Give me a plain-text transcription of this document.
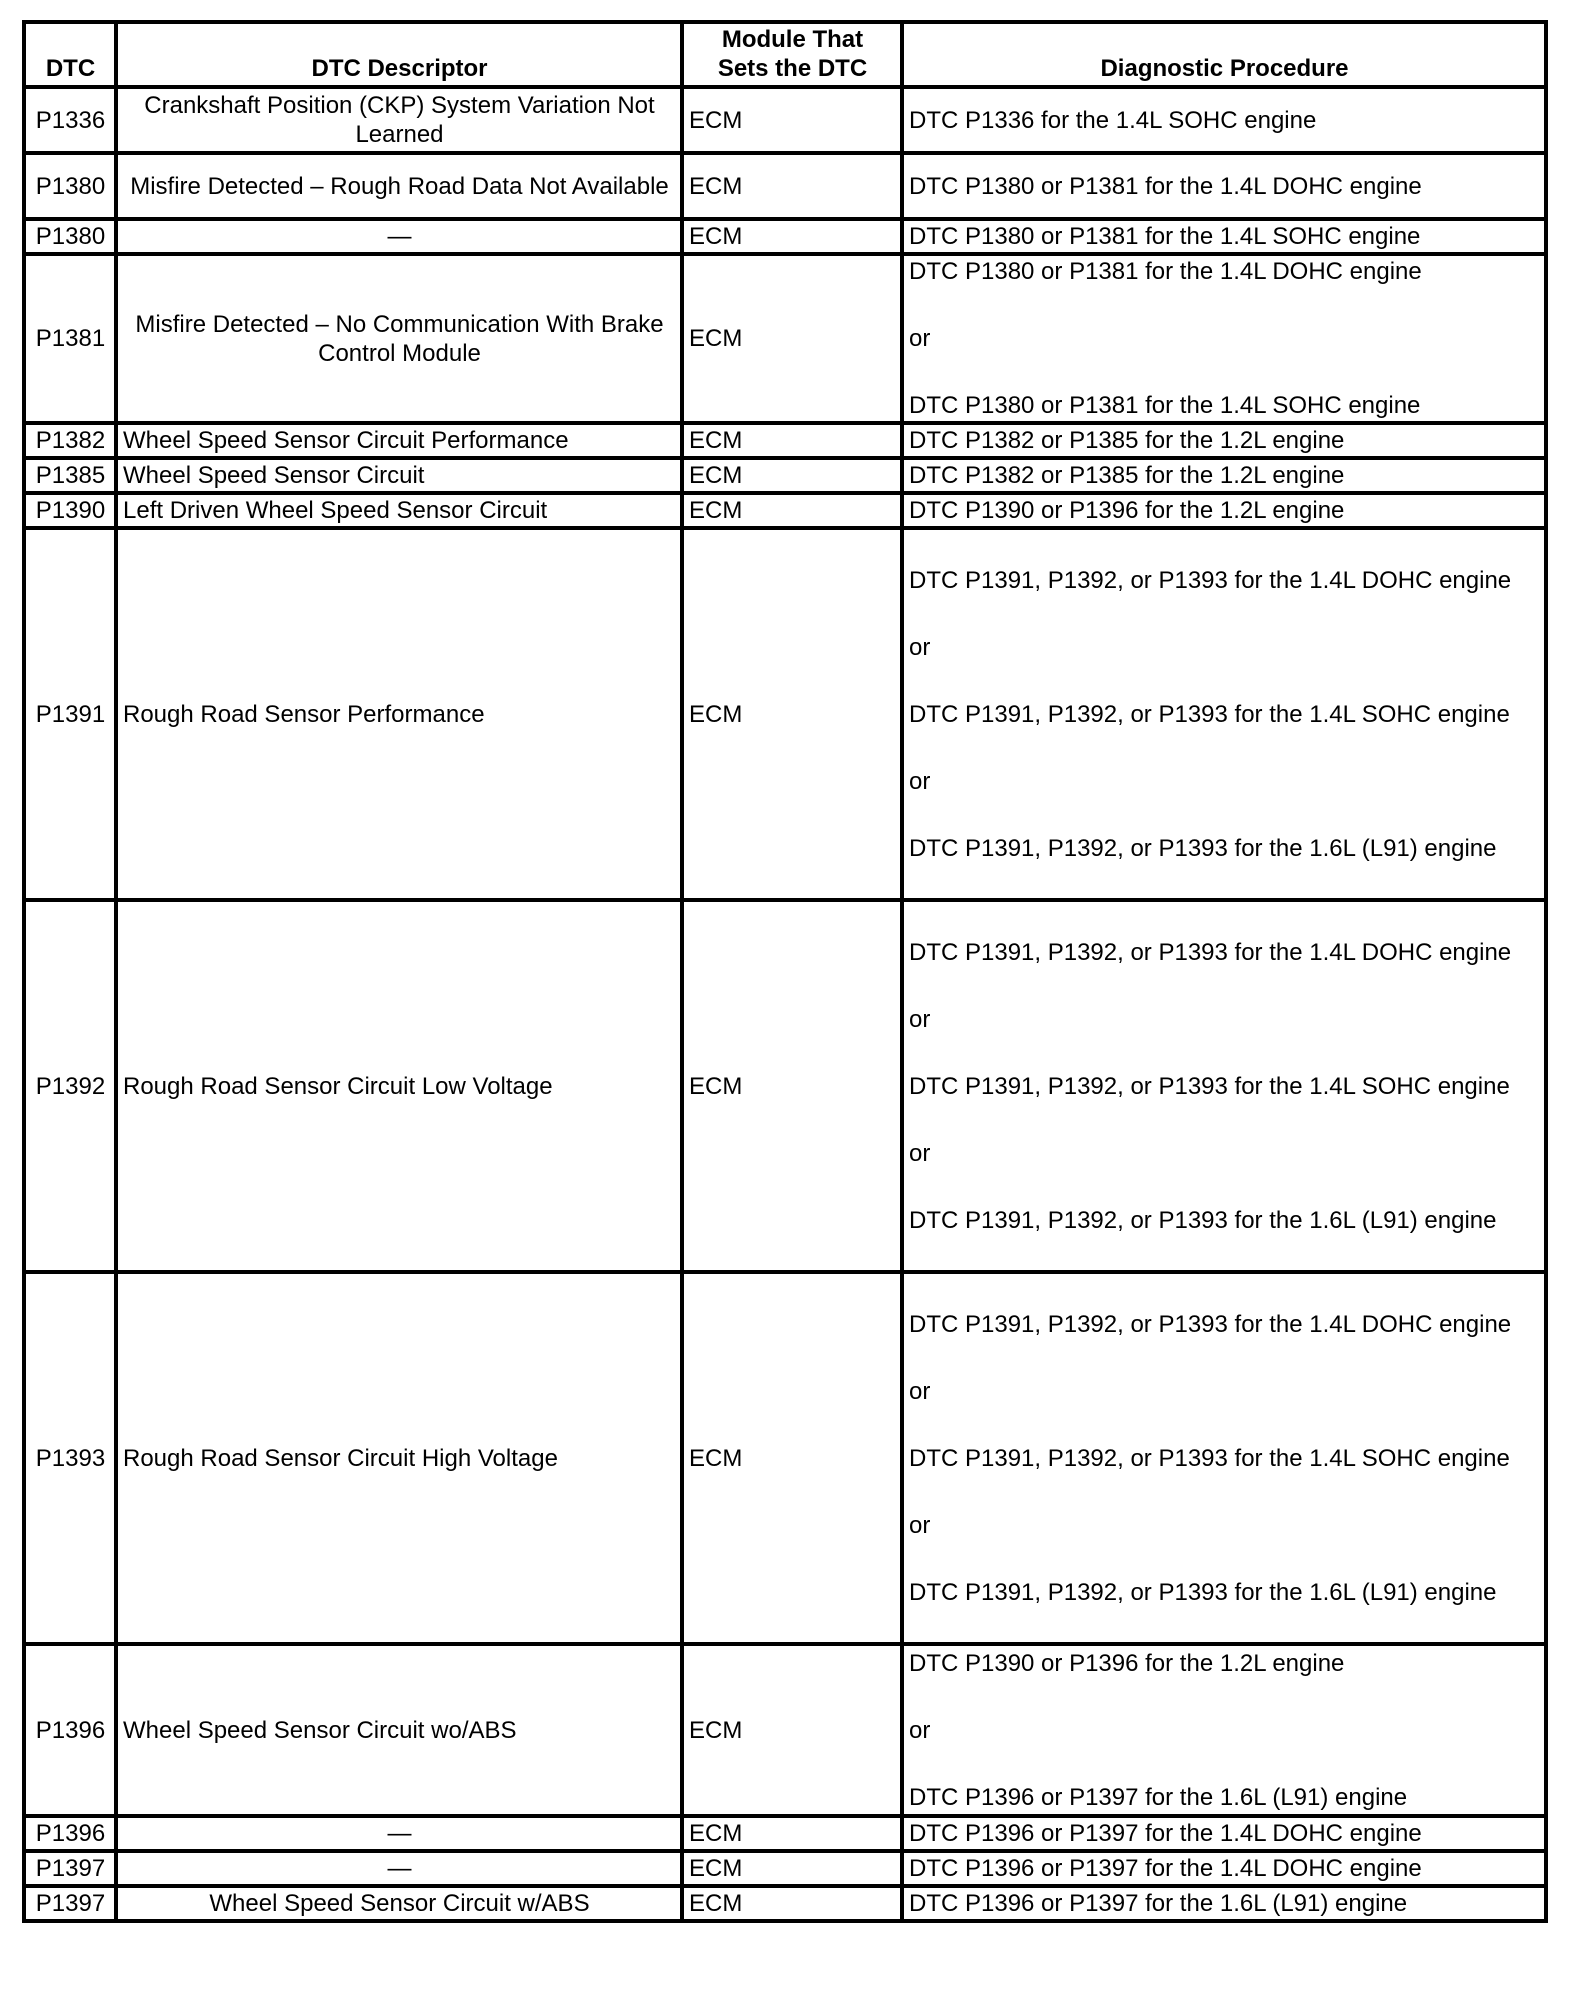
DTC	DTC Descriptor	Module That
Sets the DTC	Diagnostic Procedure
P1336	Crankshaft Position (CKP) System Variation Not Learned	ECM	DTC P1336 for the 1.4L SOHC engine

P1380	Misfire Detected – Rough Road Data Not Available	ECM	DTC P1380 or P1381 for the 1.4L DOHC engine

P1380	—	ECM	DTC P1380 or P1381 for the 1.4L SOHC engine

P1381	Misfire Detected – No Communication With Brake Control Module	ECM	DTC P1380 or P1381 for the 1.4L DOHC engine
or
DTC P1380 or P1381 for the 1.4L SOHC engine

P1382	Wheel Speed Sensor Circuit Performance	ECM	DTC P1382 or P1385 for the 1.2L engine

P1385	Wheel Speed Sensor Circuit	ECM	DTC P1382 or P1385 for the 1.2L engine

P1390	Left Driven Wheel Speed Sensor Circuit	ECM	DTC P1390 or P1396 for the 1.2L engine

P1391	Rough Road Sensor Performance	ECM	DTC P1391, P1392, or P1393 for the 1.4L DOHC engine
or
DTC P1391, P1392, or P1393 for the 1.4L SOHC engine
or
DTC P1391, P1392, or P1393 for the 1.6L (L91) engine

P1392	Rough Road Sensor Circuit Low Voltage	ECM	DTC P1391, P1392, or P1393 for the 1.4L DOHC engine
or
DTC P1391, P1392, or P1393 for the 1.4L SOHC engine
or
DTC P1391, P1392, or P1393 for the 1.6L (L91) engine

P1393	Rough Road Sensor Circuit High Voltage	ECM	DTC P1391, P1392, or P1393 for the 1.4L DOHC engine
or
DTC P1391, P1392, or P1393 for the 1.4L SOHC engine
or
DTC P1391, P1392, or P1393 for the 1.6L (L91) engine

P1396	Wheel Speed Sensor Circuit wo/ABS	ECM	DTC P1390 or P1396 for the 1.2L engine
or
DTC P1396 or P1397 for the 1.6L (L91) engine

P1396	—	ECM	DTC P1396 or P1397 for the 1.4L DOHC engine

P1397	—	ECM	DTC P1396 or P1397 for the 1.4L DOHC engine

P1397	Wheel Speed Sensor Circuit w/ABS	ECM	DTC P1396 or P1397 for the 1.6L (L91) engine
